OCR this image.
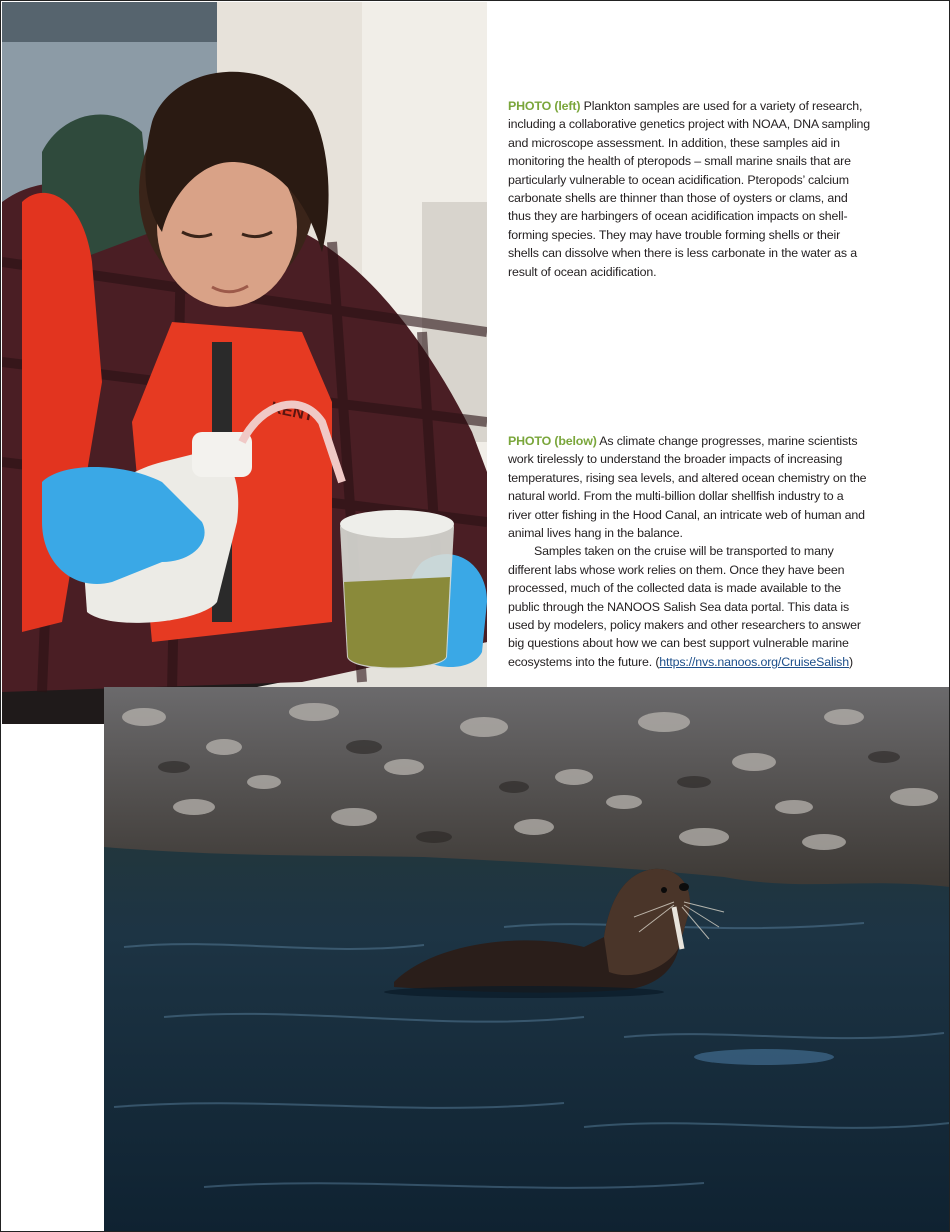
KENT

PHOTO (left) Plankton samples are used for a variety of research, including a collaborative genetics project with NOAA, DNA sampling and microscope assessment. In addition, these samples aid in monitoring the health of pteropods – small marine snails that are particularly vulnerable to ocean acidification. Pteropods’ calcium carbonate shells are thinner than those of oysters or clams, and thus they are harbingers of ocean acidification impacts on shell-forming species. They may have trouble forming shells or their shells can dissolve when there is less carbonate in the water as a result of ocean acidification.

PHOTO (below) As climate change progresses, marine scientists work tirelessly to understand the broader impacts of increasing temperatures, rising sea levels, and altered ocean chemistry on the natural world. From the multi-billion dollar shellfish industry to a river otter fishing in the Hood Canal, an intricate web of human and animal lives hang in the balance.

Samples taken on the cruise will be transported to many different labs whose work relies on them. Once they have been processed, much of the collected data is made available to the public through the NANOOS Salish Sea data portal. This data is used by modelers, policy makers and other researchers to answer big questions about how we can best support vulnerable marine ecosystems into the future. (https://nvs.nanoos.org/CruiseSalish)
